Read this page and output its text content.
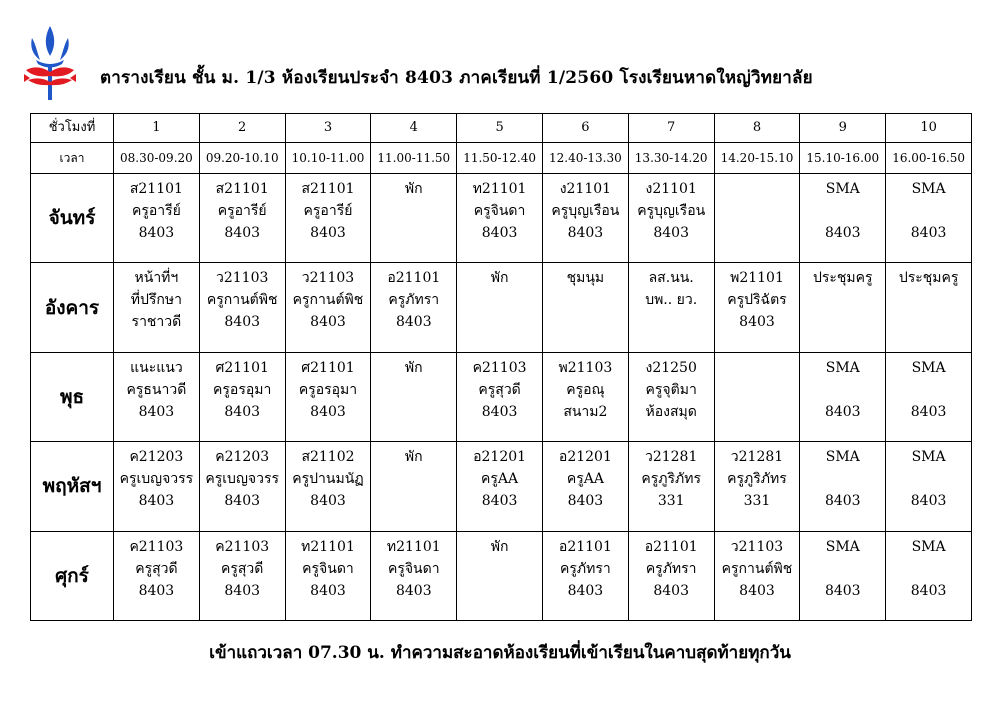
ตารางเรียน ชั้น ม. 1/3 ห้องเรียนประจำ 8403 ภาคเรียนที่ 1/2560 โรงเรียนหาดใหญ่วิทยาลัย
ชั่วโมงที่	1	2	3	4	5	6	7	8	9	10
เวลา	08.30-09.20	09.20-10.10	10.10-11.00	11.00-11.50	11.50-12.40	12.40-13.30	13.30-14.20	14.20-15.10	15.10-16.00	16.00-16.50
จันทร์	ส21101
ครูอารีย์
8403	ส21101
ครูอารีย์
8403	ส21101
ครูอารีย์
8403	พัก	ท21101
ครูจินดา
8403	ง21101
ครูบุญเรือน
8403	ง21101
ครูบุญเรือน
8403		SMA
8403	SMA
8403

อังคาร	หน้าที่ฯ
ที่ปรึกษา
ราชาวดี	ว21103
ครูกานต์พิช
8403	ว21103
ครูกานต์พิช
8403	อ21101
ครูภัทรา
8403	พัก	ชุมนุม	ลส.นน.
บพ.. ยว.	พ21101
ครูปริฉัตร
8403	ประชุมครู	ประชุมครู

พุธ	แนะแนว
ครูธนาวดี
8403	ศ21101
ครูอรอุมา
8403	ศ21101
ครูอรอุมา
8403	พัก	ค21103
ครูสุวดี
8403	พ21103
ครูอณุ
สนาม2	ง21250
ครูจุติมา
ห้องสมุด		SMA
8403	SMA
8403

พฤหัสฯ	ค21203
ครูเบญจวรร
8403	ค21203
ครูเบญจวรร
8403	ส21102
ครูปานมนัฏ
8403	พัก	อ21201
ครูAA
8403	อ21201
ครูAA
8403	ว21281
ครูภูริภัทร
331	ว21281
ครูภูริภัทร
331	SMA
8403	SMA
8403

ศุกร์	ค21103
ครูสุวดี
8403	ค21103
ครูสุวดี
8403	ท21101
ครูจินดา
8403	ท21101
ครูจินดา
8403	พัก	อ21101
ครูภัทรา
8403	อ21101
ครูภัทรา
8403	ว21103
ครูกานต์พิช
8403	SMA
8403	SMA
8403
เข้าแถวเวลา 07.30 น. ทำความสะอาดห้องเรียนที่เข้าเรียนในคาบสุดท้ายทุกวัน
